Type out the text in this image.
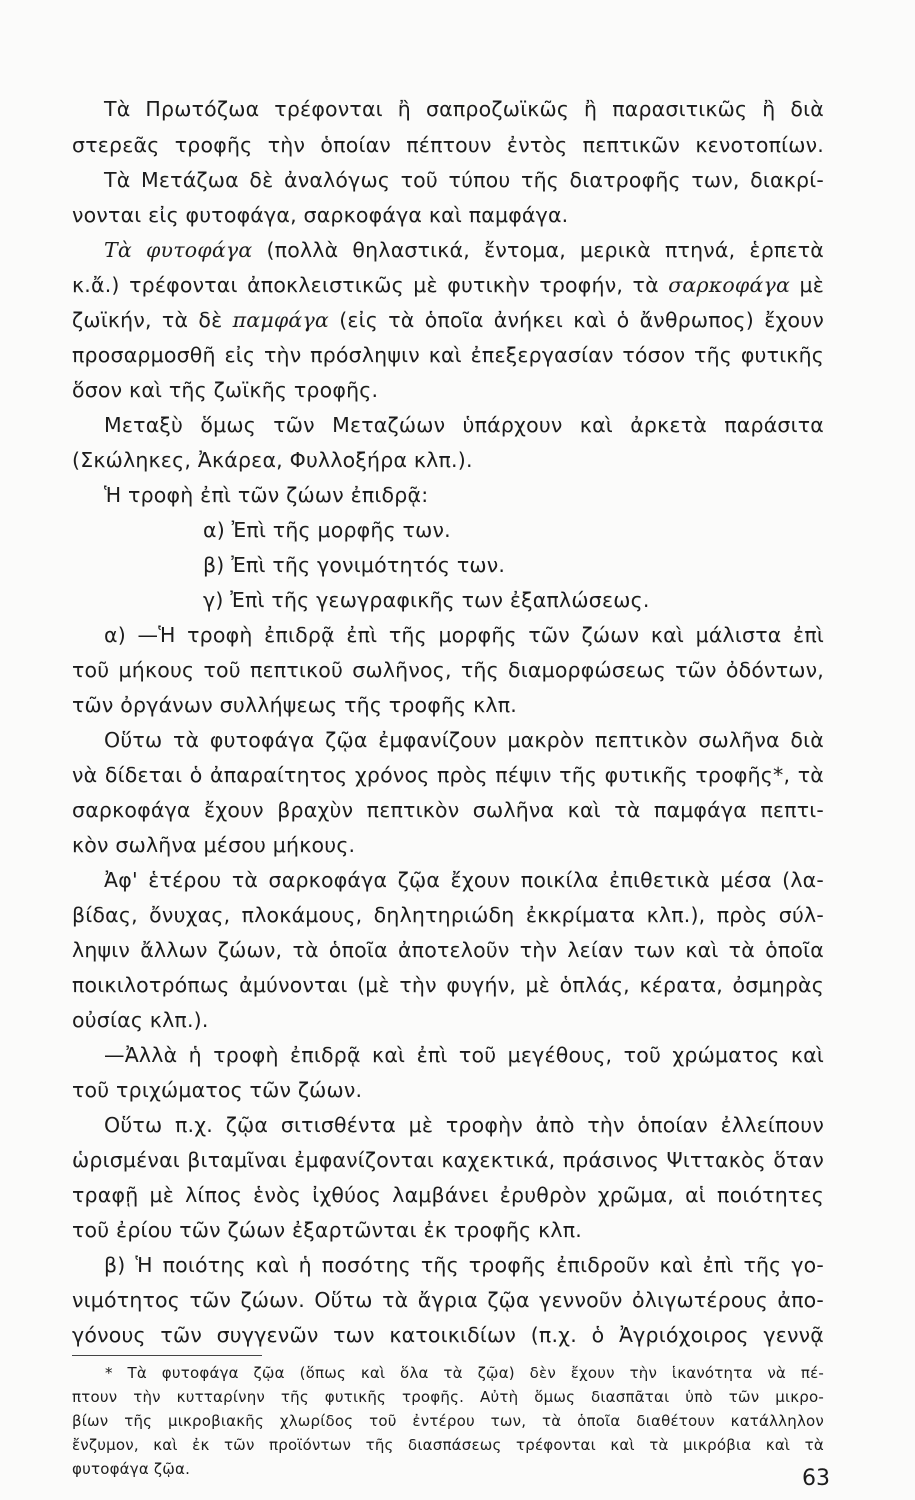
Τὰ Πρωτόζωα τρέφονται ἢ σαπροζωϊκῶς ἢ παρασιτικῶς ἢ διὰ
στερεᾶς τροφῆς τὴν ὁποίαν πέπτουν ἐντὸς πεπτικῶν κενοτοπίων.
Τὰ Μετάζωα δὲ ἀναλόγως τοῦ τύπου τῆς διατροφῆς των, διακρί-
νονται εἰς φυτοφάγα, σαρκοφάγα καὶ παμφάγα.
Τὰ φυτοφάγα (πολλὰ θηλαστικά, ἔντομα, μερικὰ πτηνά, ἑρπετὰ
κ.ἄ.) τρέφονται ἀποκλειστικῶς μὲ φυτικὴν τροφήν, τὰ σαρκοφάγα μὲ
ζωϊκήν, τὰ δὲ παμφάγα (εἰς τὰ ὁποῖα ἀνήκει καὶ ὁ ἄνθρωπος) ἔχουν
προσαρμοσθῆ εἰς τὴν πρόσληψιν καὶ ἐπεξεργασίαν τόσον τῆς φυτικῆς
ὅσον καὶ τῆς ζωϊκῆς τροφῆς.
Μεταξὺ ὅμως τῶν Μεταζώων ὑπάρχουν καὶ ἀρκετὰ παράσιτα
(Σκώληκες, Ἀκάρεα, Φυλλοξήρα κλπ.).
Ἡ τροφὴ ἐπὶ τῶν ζώων ἐπιδρᾷ:
α) Ἐπὶ τῆς μορφῆς των.
β) Ἐπὶ τῆς γονιμότητός των.
γ) Ἐπὶ τῆς γεωγραφικῆς των ἐξαπλώσεως.
α) —Ἡ τροφὴ ἐπιδρᾷ ἐπὶ τῆς μορφῆς τῶν ζώων καὶ μάλιστα ἐπὶ
τοῦ μήκους τοῦ πεπτικοῦ σωλῆνος, τῆς διαμορφώσεως τῶν ὀδόντων,
τῶν ὀργάνων συλλήψεως τῆς τροφῆς κλπ.
Οὕτω τὰ φυτοφάγα ζῷα ἐμφανίζουν μακρὸν πεπτικὸν σωλῆνα διὰ
νὰ δίδεται ὁ ἀπαραίτητος χρόνος πρὸς πέψιν τῆς φυτικῆς τροφῆς*, τὰ
σαρκοφάγα ἔχουν βραχὺν πεπτικὸν σωλῆνα καὶ τὰ παμφάγα πεπτι-
κὸν σωλῆνα μέσου μήκους.
Ἀφ' ἑτέρου τὰ σαρκοφάγα ζῷα ἔχουν ποικίλα ἐπιθετικὰ μέσα (λα-
βίδας, ὄνυχας, πλοκάμους, δηλητηριώδη ἐκκρίματα κλπ.), πρὸς σύλ-
ληψιν ἄλλων ζώων, τὰ ὁποῖα ἀποτελοῦν τὴν λείαν των καὶ τὰ ὁποῖα
ποικιλοτρόπως ἀμύνονται (μὲ τὴν φυγήν, μὲ ὁπλάς, κέρατα, ὀσμηρὰς
οὐσίας κλπ.).
—Ἀλλὰ ἡ τροφὴ ἐπιδρᾷ καὶ ἐπὶ τοῦ μεγέθους, τοῦ χρώματος καὶ
τοῦ τριχώματος τῶν ζώων.
Οὕτω π.χ. ζῷα σιτισθέντα μὲ τροφὴν ἀπὸ τὴν ὁποίαν ἐλλείπουν
ὡρισμέναι βιταμῖναι ἐμφανίζονται καχεκτικά, πράσινος Ψιττακὸς ὅταν
τραφῇ μὲ λίπος ἑνὸς ἰχθύος λαμβάνει ἐρυθρὸν χρῶμα, αἱ ποιότητες
τοῦ ἐρίου τῶν ζώων ἐξαρτῶνται ἐκ τροφῆς κλπ.
β) Ἡ ποιότης καὶ ἡ ποσότης τῆς τροφῆς ἐπιδροῦν καὶ ἐπὶ τῆς γο-
νιμότητος τῶν ζώων. Οὕτω τὰ ἄγρια ζῷα γεννοῦν ὀλιγωτέρους ἀπο-
γόνους τῶν συγγενῶν των κατοικιδίων (π.χ. ὁ Ἀγριόχοιρος γεννᾷ
* Τὰ φυτοφάγα ζῷα (ὅπως καὶ ὅλα τὰ ζῷα) δὲν ἔχουν τὴν ἱκανότητα νὰ πέ-
πτουν τὴν κυτταρίνην τῆς φυτικῆς τροφῆς. Αὐτὴ ὅμως διασπᾶται ὑπὸ τῶν μικρο-
βίων τῆς μικροβιακῆς χλωρίδος τοῦ ἐντέρου των, τὰ ὁποῖα διαθέτουν κατάλληλον
ἔνζυμον, καὶ ἐκ τῶν προϊόντων τῆς διασπάσεως τρέφονται καὶ τὰ μικρόβια καὶ τὰ
φυτοφάγα ζῷα.	63
